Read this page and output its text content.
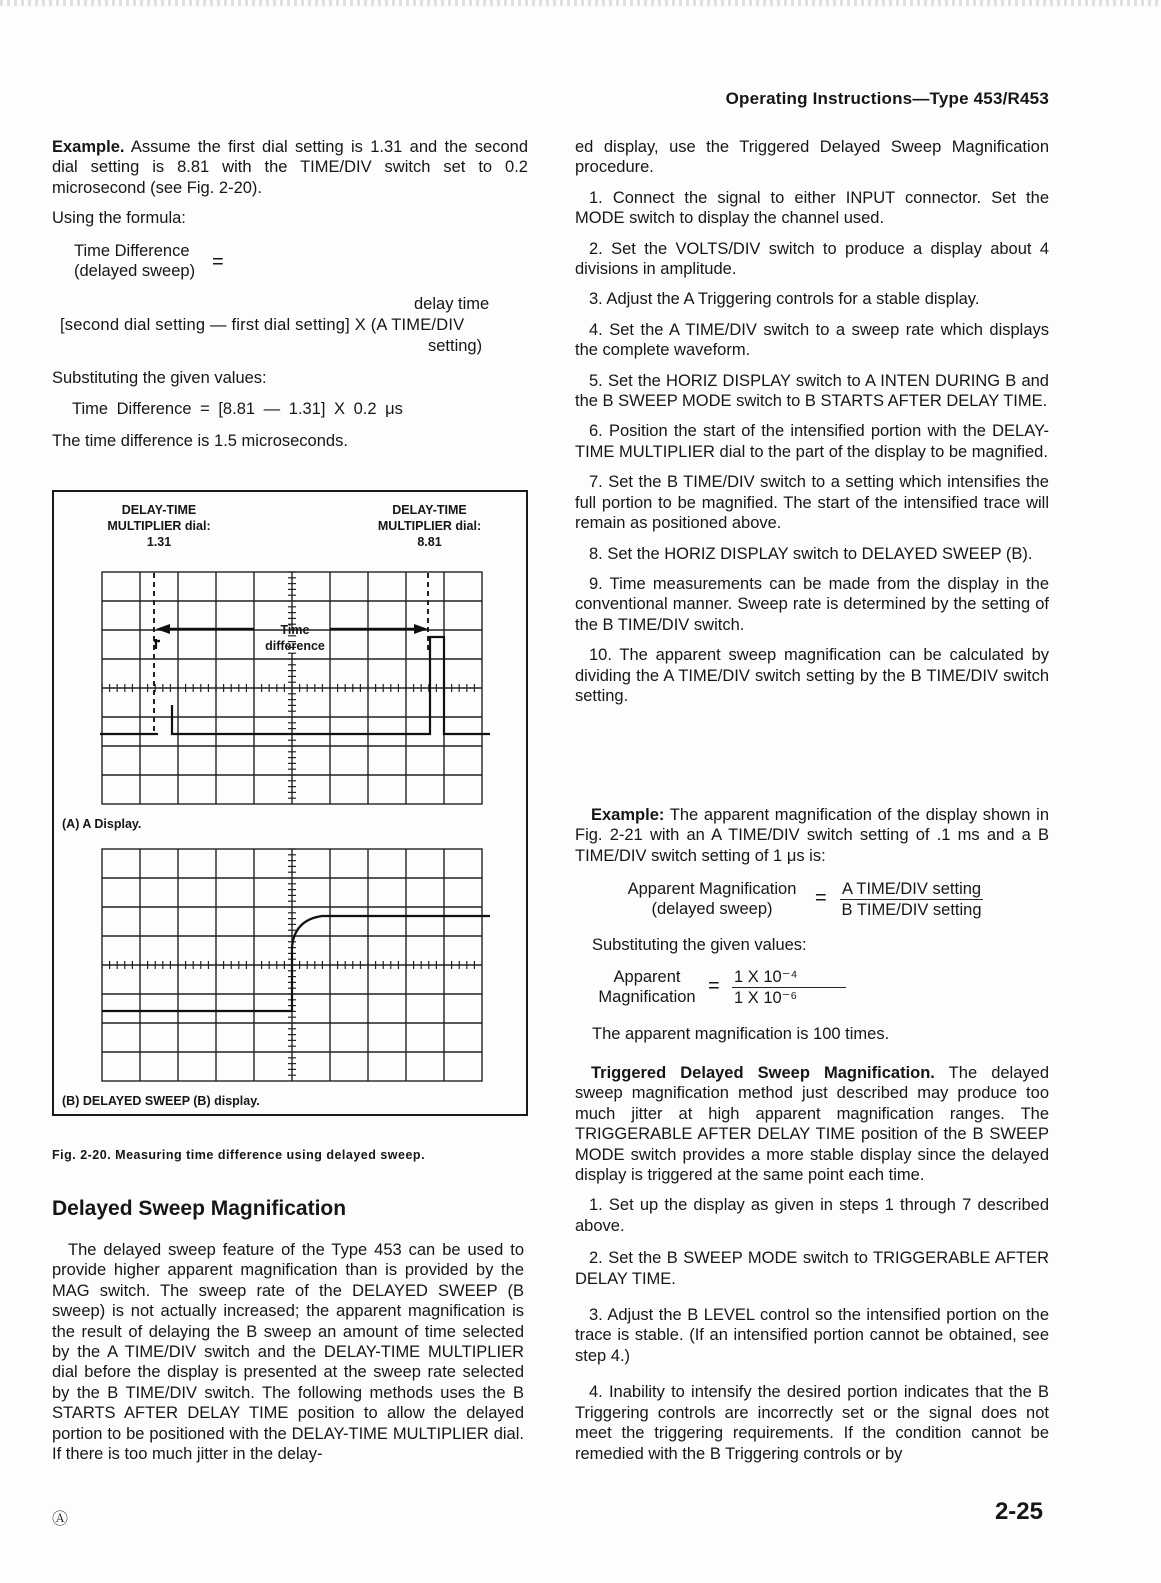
Operating Instructions—Type 453/R453

Example. Assume the first dial setting is 1.31 and the second dial setting is 8.81 with the TIME/DIV switch set to 0.2 microsecond (see Fig. 2-20).

Using the formula:

Time Difference
(delayed sweep) =
delay time
[second dial setting — first dial setting] X (A TIME/DIV
setting)
Substituting the given values:
Time Difference = [8.81 — 1.31] X 0.2 μs
The time difference is 1.5 microseconds.
DELAY-TIME
MULTIPLIER dial:
1.31
DELAY-TIME
MULTIPLIER dial:
8.81
Time
difference
(A) A Display.
(B) DELAYED SWEEP (B) display.
Fig. 2-20. Measuring time difference using delayed sweep.
Delayed Sweep Magnification

The delayed sweep feature of the Type 453 can be used to provide higher apparent magnification than is provided by the MAG switch. The sweep rate of the DELAYED SWEEP (B sweep) is not actually increased; the apparent magnification is the result of delaying the B sweep an amount of time selected by the A TIME/DIV switch and the DELAY-TIME MULTIPLIER dial before the display is presented at the sweep rate selected by the B TIME/DIV switch. The following methods uses the B STARTS AFTER DELAY TIME position to allow the delayed portion to be positioned with the DELAY-TIME MULTIPLIER dial. If there is too much jitter in the delay-

ed display, use the Triggered Delayed Sweep Magnification procedure.

1. Connect the signal to either INPUT connector. Set the MODE switch to display the channel used.

2. Set the VOLTS/DIV switch to produce a display about 4 divisions in amplitude.

3. Adjust the A Triggering controls for a stable display.

4. Set the A TIME/DIV switch to a sweep rate which displays the complete waveform.

5. Set the HORIZ DISPLAY switch to A INTEN DURING B and the B SWEEP MODE switch to B STARTS AFTER DELAY TIME.

6. Position the start of the intensified portion with the DELAY-TIME MULTIPLIER dial to the part of the display to be magnified.

7. Set the B TIME/DIV switch to a setting which intensifies the full portion to be magnified. The start of the intensified trace will remain as positioned above.

8. Set the HORIZ DISPLAY switch to DELAYED SWEEP (B).

9. Time measurements can be made from the display in the conventional manner. Sweep rate is determined by the setting of the B TIME/DIV switch.

10. The apparent sweep magnification can be calculated by dividing the A TIME/DIV switch setting by the B TIME/DIV switch setting.

Example: The apparent magnification of the display shown in Fig. 2-21 with an A TIME/DIV switch setting of .1 ms and a B TIME/DIV switch setting of 1 μs is:

Apparent Magnification
(delayed sweep)
= A TIME/DIV setting
B TIME/DIV setting
Substituting the given values:
Apparent
Magnification
= 1 X 10⁻⁴
1 X 10⁻⁶
The apparent magnification is 100 times.

Triggered Delayed Sweep Magnification. The delayed sweep magnification method just described may produce too much jitter at high apparent magnification ranges. The TRIGGERABLE AFTER DELAY TIME position of the B SWEEP MODE switch provides a more stable display since the delayed display is triggered at the same point each time.

1. Set up the display as given in steps 1 through 7 described above.

2. Set the B SWEEP MODE switch to TRIGGERABLE AFTER DELAY TIME.

3. Adjust the B LEVEL control so the intensified portion on the trace is stable. (If an intensified portion cannot be obtained, see step 4.)

4. Inability to intensify the desired portion indicates that the B Triggering controls are incorrectly set or the signal does not meet the triggering requirements. If the condition cannot be remedied with the B Triggering controls or by

Ⓐ	2-25
